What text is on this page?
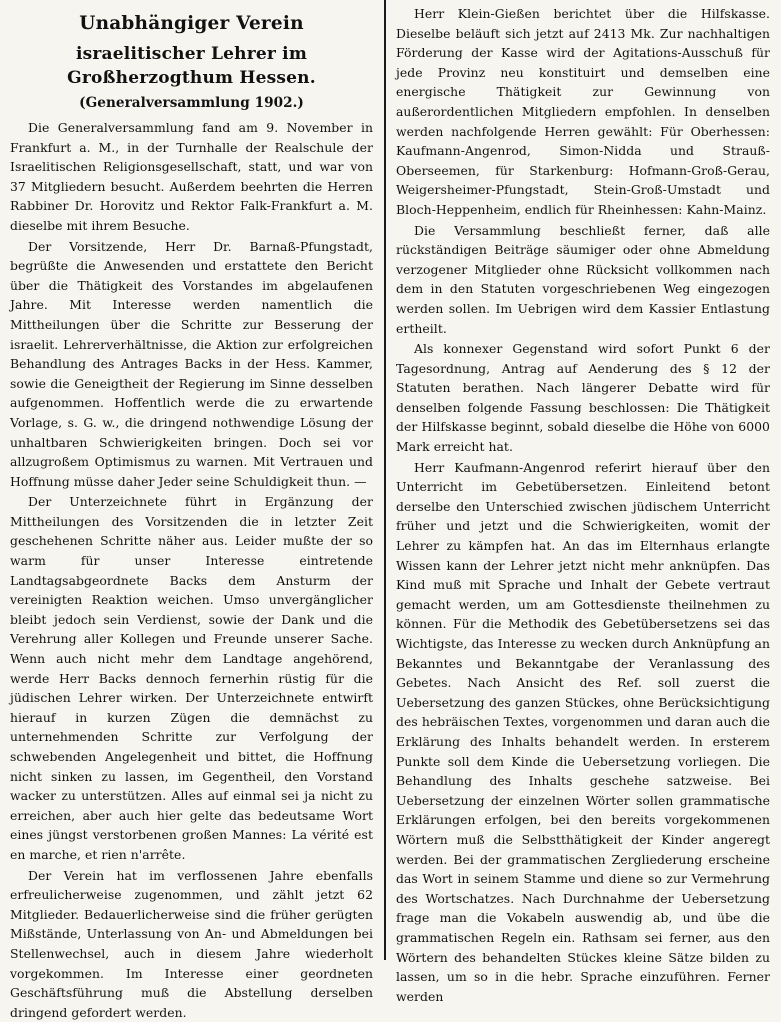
Unabhängiger Verein
israelitischer Lehrer im Großherzogthum Hessen.
(Generalversammlung 1902.)

Die Generalversammlung fand am 9. November in Frankfurt a. M., in der Turnhalle der Realschule der Israelitischen Religionsgesellschaft, statt, und war von 37 Mitgliedern besucht. Außerdem beehrten die Herren Rabbiner Dr. Horovitz und Rektor Falk-Frankfurt a. M. dieselbe mit ihrem Besuche.

Der Vorsitzende, Herr Dr. Barnaß-Pfungstadt, begrüßte die Anwesenden und erstattete den Bericht über die Thätigkeit des Vorstandes im abgelaufenen Jahre. Mit Interesse werden namentlich die Mittheilungen über die Schritte zur Besserung der israelit. Lehrerverhältnisse, die Aktion zur erfolgreichen Behandlung des Antrages Backs in der Hess. Kammer, sowie die Geneigtheit der Regierung im Sinne desselben aufgenommen. Hoffentlich werde die zu erwartende Vorlage, s. G. w., die dringend nothwendige Lösung der unhaltbaren Schwierigkeiten bringen. Doch sei vor allzugroßem Optimismus zu warnen. Mit Vertrauen und Hoffnung müsse daher Jeder seine Schuldigkeit thun. —

Der Unterzeichnete führt in Ergänzung der Mittheilungen des Vorsitzenden die in letzter Zeit geschehenen Schritte näher aus. Leider mußte der so warm für unser Interesse eintretende Landtagsabgeordnete Backs dem Ansturm der vereinigten Reaktion weichen. Umso unvergänglicher bleibt jedoch sein Verdienst, sowie der Dank und die Verehrung aller Kollegen und Freunde unserer Sache. Wenn auch nicht mehr dem Landtage angehörend, werde Herr Backs dennoch fernerhin rüstig für die jüdischen Lehrer wirken. Der Unterzeichnete entwirft hierauf in kurzen Zügen die demnächst zu unternehmenden Schritte zur Verfolgung der schwebenden Angelegenheit und bittet, die Hoffnung nicht sinken zu lassen, im Gegentheil, den Vorstand wacker zu unterstützen. Alles auf einmal sei ja nicht zu erreichen, aber auch hier gelte das bedeutsame Wort eines jüngst verstorbenen großen Mannes: La vérité est en marche, et rien n'arrête.

Der Verein hat im verflossenen Jahre ebenfalls erfreulicherweise zugenommen, und zählt jetzt 62 Mitglieder. Bedauerlicherweise sind die früher gerügten Mißstände, Unterlassung von An- und Abmeldungen bei Stellenwechsel, auch in diesem Jahre wiederholt vorgekommen. Im Interesse einer geordneten Geschäftsführung muß die Abstellung derselben dringend gefordert werden.

Herr Klein-Gießen berichtet über die Hilfskasse. Dieselbe beläuft sich jetzt auf 2413 Mk. Zur nachhaltigen Förderung der Kasse wird der Agitations-Ausschuß für jede Provinz neu konstituirt und demselben eine energische Thätigkeit zur Gewinnung von außerordentlichen Mitgliedern empfohlen. In denselben werden nachfolgende Herren gewählt: Für Oberhessen: Kaufmann-Angenrod, Simon-Nidda und Strauß-Oberseemen, für Starkenburg: Hofmann-Groß-Gerau, Weigersheimer-Pfungstadt, Stein-Groß-Umstadt und Bloch-Heppenheim, endlich für Rheinhessen: Kahn-Mainz.

Die Versammlung beschließt ferner, daß alle rückständigen Beiträge säumiger oder ohne Abmeldung verzogener Mitglieder ohne Rücksicht vollkommen nach dem in den Statuten vorgeschriebenen Weg eingezogen werden sollen. Im Uebrigen wird dem Kassier Entlastung ertheilt.

Als konnexer Gegenstand wird sofort Punkt 6 der Tagesordnung, Antrag auf Aenderung des § 12 der Statuten berathen. Nach längerer Debatte wird für denselben folgende Fassung beschlossen: Die Thätigkeit der Hilfskasse beginnt, sobald dieselbe die Höhe von 6000 Mark erreicht hat.

Herr Kaufmann-Angenrod referirt hierauf über den Unterricht im Gebetübersetzen. Einleitend betont derselbe den Unterschied zwischen jüdischem Unterricht früher und jetzt und die Schwierigkeiten, womit der Lehrer zu kämpfen hat. An das im Elternhaus erlangte Wissen kann der Lehrer jetzt nicht mehr anknüpfen. Das Kind muß mit Sprache und Inhalt der Gebete vertraut gemacht werden, um am Gottesdienste theilnehmen zu können. Für die Methodik des Gebetübersetzens sei das Wichtigste, das Interesse zu wecken durch Anknüpfung an Bekanntes und Bekanntgabe der Veranlassung des Gebetes. Nach Ansicht des Ref. soll zuerst die Uebersetzung des ganzen Stückes, ohne Berücksichtigung des hebräischen Textes, vorgenommen und daran auch die Erklärung des Inhalts behandelt werden. In ersterem Punkte soll dem Kinde die Uebersetzung vorliegen. Die Behandlung des Inhalts geschehe satzweise. Bei Uebersetzung der einzelnen Wörter sollen grammatische Erklärungen erfolgen, bei den bereits vorgekommenen Wörtern muß die Selbstthätigkeit der Kinder angeregt werden. Bei der grammatischen Zergliederung erscheine das Wort in seinem Stamme und diene so zur Vermehrung des Wortschatzes. Nach Durchnahme der Uebersetzung frage man die Vokabeln auswendig ab, und übe die grammatischen Regeln ein. Rathsam sei ferner, aus den Wörtern des behandelten Stückes kleine Sätze bilden zu lassen, um so in die hebr. Sprache einzuführen. Ferner werden
